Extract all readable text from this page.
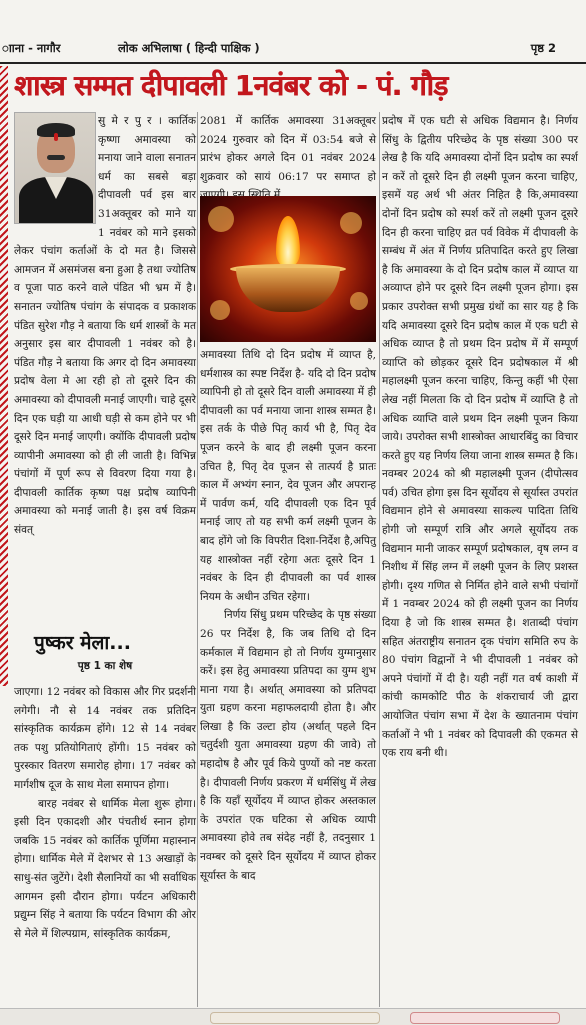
ााना - नागौर	लोक अभिलाषा ( हिन्दी पाक्षिक )	पृष्ठ 2
शास्त्र सम्मत दीपावली 1नवंबर को - पं. गौड़

सु मे र पु र । कार्तिक कृष्णा अमावस्या को मनाया जाने वाला सनातन धर्म का सबसे बड़ा दीपावली पर्व इस बार 31अक्तूबर को माने या 1 नवंबर को माने इसको लेकर पंचांग कर्ताओं के दो मत है। जिससे आमजन में असमंजस बना हुआ है तथा ज्योतिष व पूजा पाठ करने वाले पंडित भी भ्रम में है। सनातन ज्योतिष पंचांग के संपादक व प्रकाशक पंडित सुरेश गौड़ ने बताया कि धर्म शास्त्रों के मत अनुसार इस बार दीपावली 1 नवंबर को है। पंडित गौड़ ने बताया कि अगर दो दिन अमावस्या प्रदोष वेला मे आ रही हो तो दूसरे दिन की अमावस्या को दीपावली मनाई जाएगी। चाहे दूसरे दिन एक घड़ी या आधी घड़ी से कम होने पर भी दूसरे दिन मनाई जाएगी। क्योंकि दीपावली प्रदोष व्यापीनी अमावस्या को ही ली जाती है। विभिन्न पंचांगों में पूर्ण रूप से विवरण दिया गया है। दीपावली कार्तिक कृष्ण पक्ष प्रदोष व्यापिनी अमावस्या को मनाई जाती है। इस वर्ष विक्रम संवत्

पुष्कर मेला...
पृष्ठ 1 का शेष

जाएगा। 12 नवंबर को विकास और गिर प्रदर्शनी लगेगी। नौ से 14 नवंबर तक प्रतिदिन सांस्कृतिक कार्यक्रम होंगे। 12 से 14 नवंबर तक पशु प्रतियोगिताएं होंगी। 15 नवंबर को पुरस्कार वितरण समारोह होगा। 17 नवंबर को मार्गशीष दूज के साथ मेला समापन होगा।

बारह नवंबर से धार्मिक मेला शुरू होगा। इसी दिन एकादशी और पंचतीर्थ स्नान होगा जबकि 15 नवंबर को कार्तिक पूर्णिमा महास्नान होगा। धार्मिक मेले में देशभर से 13 अखाड़ों के साधु-संत जुटेंगे। देशी सैलानियों का भी सर्वाधिक आगमन इसी दौरान होगा। पर्यटन अधिकारी प्रद्युम्न सिंह ने बताया कि पर्यटन विभाग की ओर से मेले में शिल्पग्राम, सांस्कृतिक कार्यक्रम,

2081 में कार्तिक अमावस्या 31अक्तूबर 2024 गुरुवार को दिन में 03:54 बजे से प्रारंभ होकर अगले दिन 01 नवंबर 2024 शुक्रवार को सायं 06:17 पर समाप्त हो

अमावस्या तिथि दो दिन प्रदोष में व्याप्त है, धर्मशास्त्र का स्पष्ट निर्देश है- यदि दो दिन प्रदोष व्यापिनी हो तो दूसरे दिन वाली अमावस्या में ही दीपावली का पर्व मनाया जाना शास्त्र सम्मत है। इस तर्क के पीछे पितृ कार्य भी है, पितृ देव पूजन करने के बाद ही लक्ष्मी पूजन करना उचित है, पितृ देव पूजन से तात्पर्य है प्रातः काल में अभ्यंग स्नान, देव पूजन और अपरान्ह में पार्वण कर्म, यदि दीपावली एक दिन पूर्व मनाई जाए तो यह सभी कर्म लक्ष्मी पूजन के बाद होंगे जो कि विपरीत दिशा-निर्देश है,अपितु यह शास्त्रोक्त नहीं रहेगा अतः दूसरे दिन 1 नवंबर के दिन ही दीपावली का पर्व शास्त्र नियम के अधीन उचित रहेगा।

निर्णय सिंधु प्रथम परिच्छेद के पृष्ठ संख्या 26 पर निर्देश है, कि जब तिथि दो दिन कर्मकाल में विद्यमान हो तो निर्णय युग्मानुसार करें। इस हेतु अमावस्या प्रतिपदा का युग्म शुभ माना गया है। अर्थात् अमावस्या को प्रतिपदा युता ग्रहण करना महाफलदायी होता है। और लिखा है कि उल्टा होय (अर्थात् पहले दिन चतुर्दशी युता अमावस्या ग्रहण की जावे) तो महादोष है और पूर्व किये पुण्यों को नष्ट करता है। दीपावली निर्णय प्रकरण में धर्मसिंधु में लेख है कि यहाँ सूर्योदय में व्याप्त होकर अस्तकाल के उपरांत एक घटिका से अधिक व्यापी अमावस्या होवे तब संदेह नहीं है, तदनुसार 1 नवम्बर को दूसरे दिन सूर्योदय में व्याप्त होकर सूर्यास्त के बाद

प्रदोष में एक घटी से अधिक विद्यमान है। निर्णय सिंधु के द्वितीय परिच्छेद के पृष्ठ संख्या 300 पर लेख है कि यदि अमावस्या दोनों दिन प्रदोष का स्पर्श न करें तो दूसरे दिन ही लक्ष्मी पूजन करना चाहिए, इसमें यह अर्थ भी अंतर निहित है कि,अमावस्या दोनों दिन प्रदोष को स्पर्श करें तो लक्ष्मी पूजन दूसरे दिन ही करना चाहिए व्रत पर्व विवेक में दीपावली के सम्बंध में अंत में निर्णय प्रतिपादित करते हुए लिखा है कि अमावस्या के दो दिन प्रदोष काल में व्याप्त या अव्याप्त होने पर दूसरे दिन लक्ष्मी पूजन होगा। इस प्रकार उपरोक्त सभी प्रमुख ग्रंथों का सार यह है कि यदि अमावस्या दूसरे दिन प्रदोष काल में एक घटी से अधिक व्याप्त है तो प्रथम दिन प्रदोष में में सम्पूर्ण व्याप्ति को छोड़कर दूसरे दिन प्रदोषकाल में श्री महालक्ष्मी पूजन करना चाहिए, किन्तु कहीं भी ऐसा लेख नहीं मिलता कि दो दिन प्रदोष में व्याप्ति है तो अधिक व्याप्ति वाले प्रथम दिन लक्ष्मी पूजन किया जाये। उपरोक्त सभी शास्त्रोक्त आधारबिंदु का विचार करते हुए यह निर्णय लिया जाना शास्त्र सम्मत है कि। नवम्बर 2024 को श्री महालक्ष्मी पूजन (दीपोत्सव पर्व) उचित होगा इस दिन सूर्योदय से सूर्यास्त उपरांत विद्यमान होने से अमावस्या साकल्य पादिता तिथि होगी जो सम्पूर्ण रात्रि और अगले सूर्योदय तक विद्यमान मानी जाकर सम्पूर्ण प्रदोषकाल, वृष लग्न व निशीथ में सिंह लग्न में लक्ष्मी पूजन के लिए प्रशस्त होगी। दृश्य गणित से निर्मित होने वाले सभी पंचांगों में 1 नवम्बर 2024 को ही लक्ष्मी पूजन का निर्णय दिया है जो कि शास्त्र सम्मत है। शताब्दी पंचांग सहित अंतराष्ट्रीय सनातन दृक पंचांग समिति रुप के 80 पंचांग विद्वानों ने भी दीपावली 1 नवंबर को अपने पंचांगों में दी है। यही नहीं गत वर्ष काशी में कांची कामकोटि पीठ के शंकराचार्य जी द्वारा आयोजित पंचांग सभा में देश के ख्यातनाम पंचांग कर्ताओं ने भी 1 नवंबर को दिपावली की एकमत से एक राय बनी थी।
